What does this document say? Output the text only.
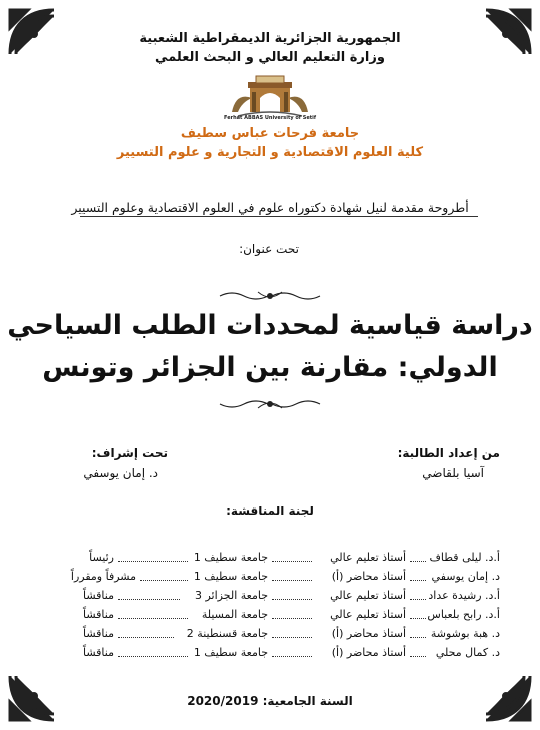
الجمهورية الجزائرية الديمقراطية الشعبية
وزارة التعليم العالي و البحث العلمي
Ferhat ABBAS University of Setif
جامعة فرحات عباس سطيف
كلية العلوم الاقتصادية و التجارية و علوم التسيير
أطروحة مقدمة لنيل شهادة دكتوراه علوم في العلوم الاقتصادية وعلوم التسيير
تحت عنوان:
دراسة قياسية لمحددات الطلب السياحي
الدولي: مقارنة بين الجزائر وتونس
من إعداد الطالبة:
آسيا بلقاضي
تحت إشراف:
د. إمان يوسفي
لجنة المناقشة:
أ.د. ليلى قطاف
أستاذ تعليم عالي
جامعة سطيف 1
رئيساً
د. إمان يوسفي
أستاذ محاضر (أ)
جامعة سطيف 1
مشرفاً ومقرراً
أ.د. رشيدة عداد
أستاذ تعليم عالي
جامعة الجزائر 3
مناقشاً
أ.د. رابح بلعباس
أستاذ تعليم عالي
جامعة المسيلة
مناقشاً
د. هبة بوشوشة
أستاذ محاضر (أ)
جامعة قسنطينة 2
مناقشاً
د. كمال محلي
أستاذ محاضر (أ)
جامعة سطيف 1
مناقشاً
السنة الجامعية: 2020/2019
